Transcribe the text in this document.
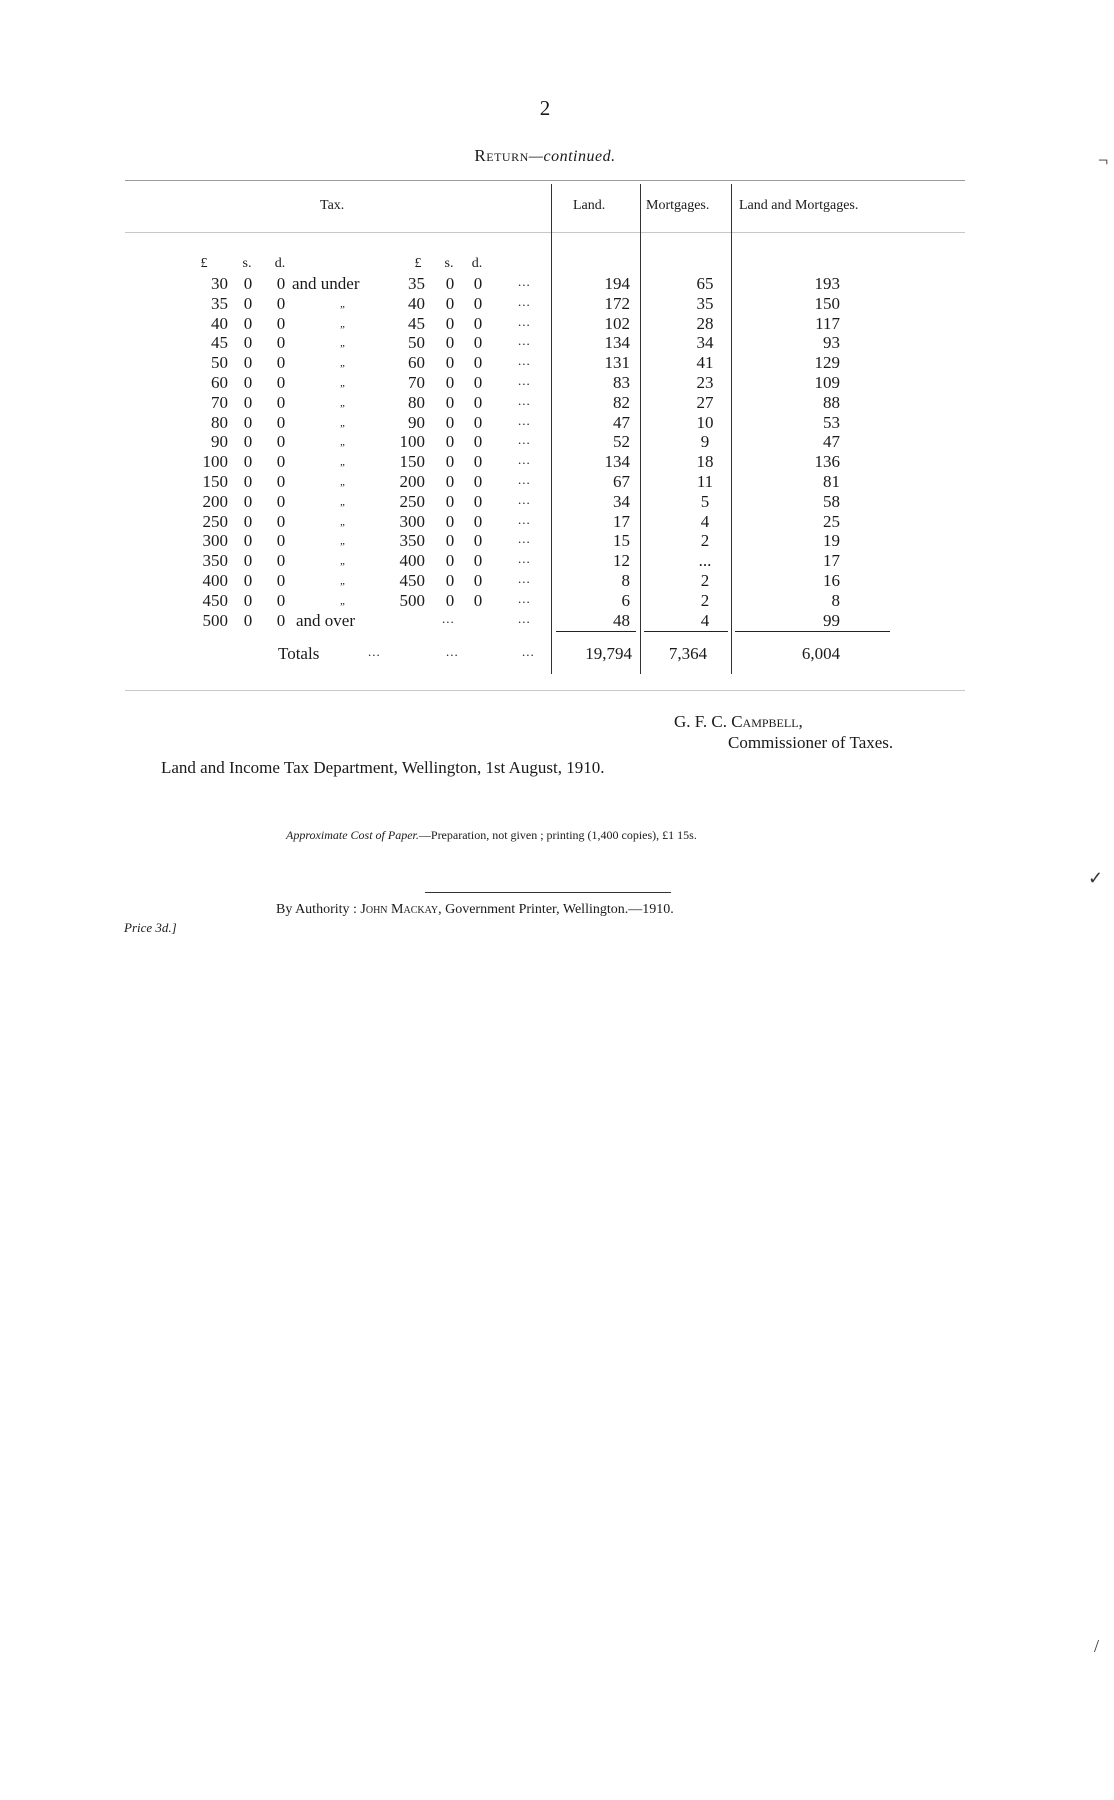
2
Return—continued.
Tax.	Land.	Mortgages. Land and Mortgages.
£	s. d.	£ s. d.
30 0 0 and under	35 0 0	...	194	65	193
35 0 0	„	40 0 0	...	172	35	150
40 0 0	„	45 0 0	...	102	28	117
45 0 0	„	50 0 0	...	134	34	93
50 0 0	„	60 0 0	...	131	41	129
60 0 0	„	70 0 0	...	83	23	109
70 0 0	„	80 0 0	...	82	27	88
80 0 0	„	90 0 0	...	47	10	53
90 0 0	„	100 0 0	...	52	9	47
100 0 0	„	150 0 0	...	134	18	136
150 0 0	„	200 0 0	...	67	11	81
200 0 0	„	250 0 0	...	34	5	58
250 0 0	„	300 0 0	...	17	4	25
300 0 0	„	350 0 0	...	15	2	19
350 0 0	„	400 0 0	...	12	...	17
400 0 0	„	450 0 0	...	8	2	16
450 0 0	„	500 0 0	...	6	2	8
500 0 0 and over	...	...	48	4	99
Totals	...	...	...	19,794	7,364	6,004
G. F. C. Campbell,
Commissioner of Taxes.
Land and Income Tax Department, Wellington, 1st August, 1910.
Approximate Cost of Paper.—Preparation, not given ; printing (1,400 copies), £1 15s.
By Authority : John Mackay, Government Printer, Wellington.—1910.
Price 3d.]
¬
✓
/
